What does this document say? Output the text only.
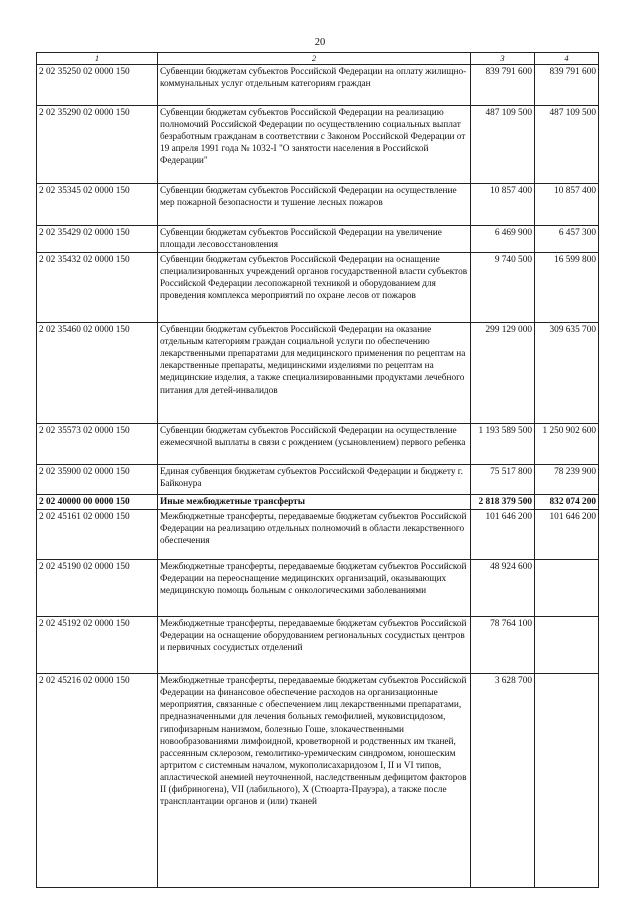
20
1	2	3	4
2 02 35250 02 0000 150	Субвенции бюджетам субъектов Российской Федерации на оплату жилищно-коммунальных услуг отдельным категориям граждан	839 791 600	839 791 600
2 02 35290 02 0000 150	Субвенции бюджетам субъектов Российской Федерации на реализацию полномочий Российской Федерации по осуществлению социальных выплат безработным гражданам в соответствии с Законом Российской Федерации от 19 апреля 1991 года № 1032-I "О занятости населения в Российской Федерации"	487 109 500	487 109 500
2 02 35345 02 0000 150	Субвенции бюджетам субъектов Российской Федерации на осуществление мер пожарной безопасности и тушение лесных пожаров	10 857 400	10 857 400
2 02 35429 02 0000 150	Субвенции бюджетам субъектов Российской Федерации на увеличение площади лесовосстановления	6 469 900	6 457 300
2 02 35432 02 0000 150	Субвенции бюджетам субъектов Российской Федерации на оснащение специализированных учреждений органов государственной власти субъектов Российской Федерации лесопожарной техникой и оборудованием для проведения комплекса мероприятий по охране лесов от пожаров	9 740 500	16 599 800
2 02 35460 02 0000 150	Субвенции бюджетам субъектов Российской Федерации на оказание отдельным категориям граждан социальной услуги по обеспечению лекарственными препаратами для медицинского применения по рецептам на лекарственные препараты, медицинскими изделиями по рецептам на медицинские изделия, а также специализированными продуктами лечебного питания для детей-инвалидов	299 129 000	309 635 700
2 02 35573 02 0000 150	Субвенции бюджетам субъектов Российской Федерации на осуществление ежемесячной выплаты в связи с рождением (усыновлением) первого ребенка	1 193 589 500	1 250 902 600
2 02 35900 02 0000 150	Единая субвенция бюджетам субъектов Российской Федерации и бюджету г. Байконура	75 517 800	78 239 900
2 02 40000 00 0000 150	Иные межбюджетные трансферты	2 818 379 500	832 074 200
2 02 45161 02 0000 150	Межбюджетные трансферты, передаваемые бюджетам субъектов Российской Федерации на реализацию отдельных полномочий в области лекарственного обеспечения	101 646 200	101 646 200
2 02 45190 02 0000 150	Межбюджетные трансферты, передаваемые бюджетам субъектов Российской Федерации на переоснащение медицинских организаций, оказывающих медицинскую помощь больным с онкологическими заболеваниями	48 924 600	
2 02 45192 02 0000 150	Межбюджетные трансферты, передаваемые бюджетам субъектов Российской Федерации на оснащение оборудованием региональных сосудистых центров и первичных сосудистых отделений	78 764 100	
2 02 45216 02 0000 150	Межбюджетные трансферты, передаваемые бюджетам субъектов Российской Федерации на финансовое обеспечение расходов на организационные мероприятия, связанные с обеспечением лиц лекарственными препаратами, предназначенными для лечения больных гемофилией, муковисцидозом, гипофизарным нанизмом, болезнью Гоше, злокачественными новообразованиями лимфоидной, кроветворной и родственных им тканей, рассеянным склерозом, гемолитико-уремическим синдромом, юношеским артритом с системным началом, мукополисахаридозом I, II и VI типов, апластической анемией неуточненной, наследственным дефицитом факторов II (фибриногена), VII (лабильного), X (Стюарта-Прауэра), а также после трансплантации органов и (или) тканей	3 628 700	
